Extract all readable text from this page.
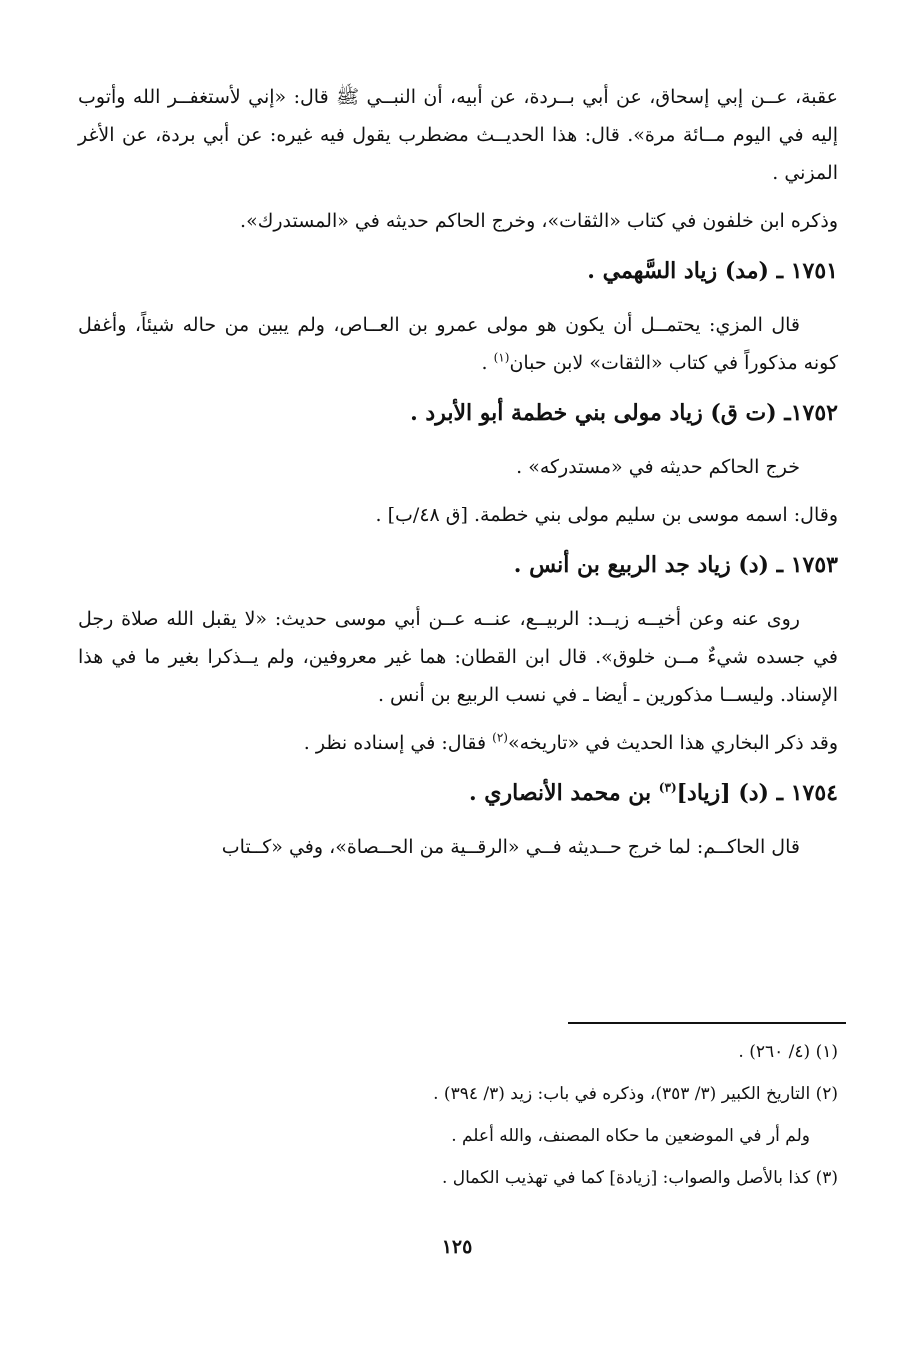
عقبة، عــن إبي إسحاق، عن أبي بــردة، عن أبيه، أن النبــي ﷺ قال: «إني لأستغفــر الله وأتوب إليه في اليوم مــائة مرة». قال: هذا الحديــث مضطرب يقول فيه غيره: عن أبي بردة، عن الأغر المزني .

وذكره ابن خلفون في كتاب «الثقات»، وخرج الحاكم حديثه في «المستدرك».

١٧٥١ ـ (مد) زياد السَّهمي .

قال المزي: يحتمــل أن يكون هو مولى عمرو بن العــاص، ولم يبين من حاله شيئاً، وأغفل كونه مذكوراً في كتاب «الثقات» لابن حبان$^{(١)}$ .

١٧٥٢ـ (ت ق) زياد مولى بني خطمة أبو الأبرد .

خرج الحاكم حديثه في «مستدركه» .

وقال: اسمه موسى بن سليم مولى بني خطمة. [ق ٤٨/ب] .

١٧٥٣ ـ (د) زياد جد الربيع بن أنس .

روى عنه وعن أخيــه زيــد: الربيــع، عنــه عــن أبي موسى حديث: «لا يقبل الله صلاة رجل في جسده شيءٌ مــن خلوق». قال ابن القطان: هما غير معروفين، ولم يــذكرا بغير ما في هذا الإسناد. وليســا مذكورين ـ أيضا ـ في نسب الربيع بن أنس .

وقد ذكر البخاري هذا الحديث في «تاريخه»$^{(٢)}$ فقال: في إسناده نظر .

١٧٥٤ ـ (د) [زياد]$^{(٣)}$ بن محمد الأنصاري .

قال الحاكــم: لما خرج حــديثه فــي «الرقــية من الحــصاة»، وفي «كــتاب

(١) (٤/ ٢٦٠) .

(٢) التاريخ الكبير (٣/ ٣٥٣)، وذكره في باب: زيد (٣/ ٣٩٤) .

ولم أر في الموضعين ما حكاه المصنف، والله أعلم .

(٣) كذا بالأصل والصواب: [زيادة] كما في تهذيب الكمال .

١٢٥
